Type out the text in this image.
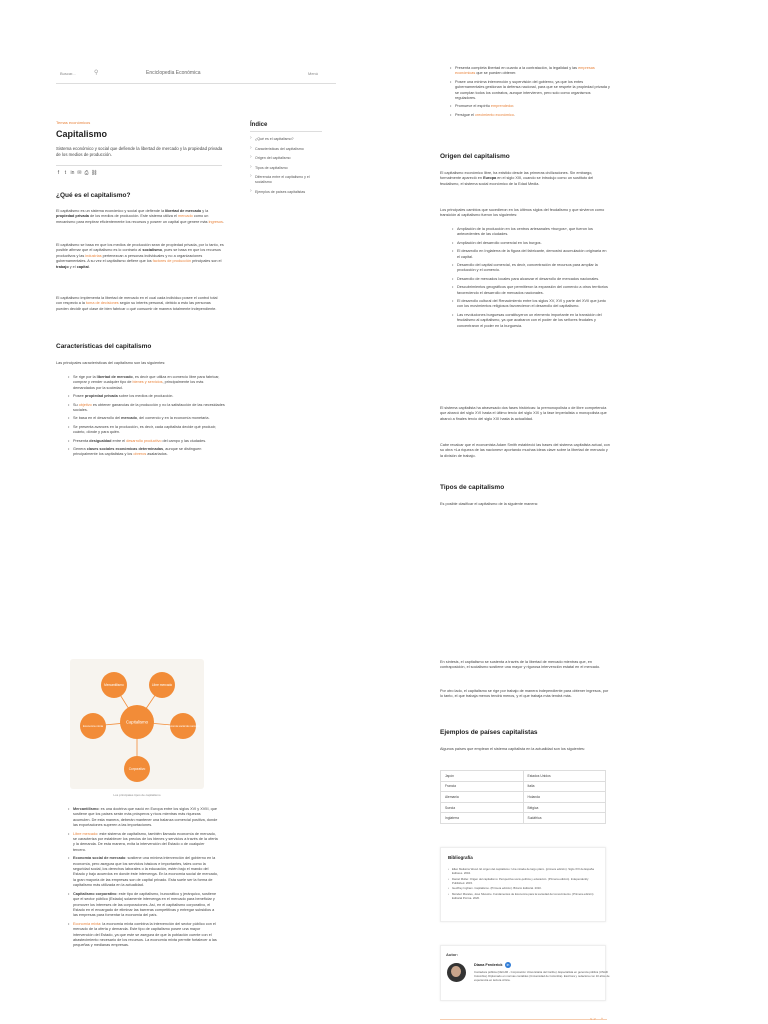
Buscar...	⚲	Enciclopedia Económica	Menú
Temas económicos
Capitalismo
Sistema económico y social que defiende la libertad de mercado y la propiedad privada de los medios de producción.
f	t in ✉ ⎙ ⛓
Índice
› ¿Qué es el capitalismo?
› Características del capitalismo
› Origen del capitalismo
› Tipos de capitalismo
› Diferencia entre el capitalismo y el socialismo
› Ejemplos de países capitalistas
¿Qué es el capitalismo?
El capitalismo es un sistema económico y social que defiende la libertad de mercado y la propiedad privada de los medios de producción. Este sistema utiliza el mercado como un mecanismo para emplear eficientemente los recursos y poseer un capital que genere más ingresos.
El capitalismo se basa en que los medios de producción sean de propiedad privada, por lo tanto, es posible afirmar que el capitalismo es lo contrario al socialismo, pues se basa en que los recursos productivos y las industrias pertenezcan a personas individuales y no a organizaciones gubernamentales. A su vez el capitalismo defiere que los factores de producción principales son el trabajo y el capital.
El capitalismo implementa la libertad de mercado en el cual cada individuo posee el control total con respecto a la toma de decisiones según su interés personal, debido a esto las personas pueden decidir qué clase de bien fabricar o qué consumir de manera totalmente independiente.
Características del capitalismo
Las principales características del capitalismo son las siguientes:
• Se rige por la libertad de mercado, es decir que utiliza en comercio libre para fabricar, comprar y vender cualquier tipo de bienes y servicios, principalmente los más demandados por la sociedad.
• Posee propiedad privada sobre los medios de producción.
• Su objetivo es obtener ganancias de la producción y no la satisfacción de las necesidades sociales.
• Se basa en el desarrollo del mercado, del comercio y en la economía monetaria.
• Se presenta avances en la producción, es decir, cada capitalista decide qué producir, cuánto, dónde y para quién.
• Presenta desigualdad entre el desarrollo productivo del campo y las ciudades.
• Genera clases sociales económicas determinadas, aunque se distinguen principalmente los capitalistas y los obreros asalariados.
• Presenta completa libertad en cuanto a la contratación, la legalidad y las empresas económicas que se pueden obtener.
• Posee una mínima intervención y supervisión del gobierno, ya que los entes gubernamentales gestionan la defensa nacional, para que se respete la propiedad privada y se cumplan todos los contratos, aunque intervienen, pero solo como organismos reguladores.
• Promueve el espíritu emprendedor.
• Persigue el crecimiento económico.
Origen del capitalismo
El capitalismo económico libre, ha existido desde las primeras civilizaciones. Sin embargo, formalmente apareció en Europa en el siglo XIII, cuando se introdujo como un sustituto del feudalismo, el sistema social económico de la Edad Media.
Los principales cambios que sucedieron en los últimos siglos del feudalismo y que sirvieron como transición al capitalismo fueron los siguientes:
• Ampliación de la producción en los centros artesanales «burgos», que fueron los antecedentes de las ciudades.
• Ampliación del desarrollo comercial en los burgos.
• El desarrollo en Inglaterra de la figura del fabricante, demostró acumulación originaria en el capital.
• Desarrollo del capital comercial, es decir, concentración de recursos para ampliar la producción y el comercio.
• Desarrollo de mercados locales para alcanzar el desarrollo de mercados nacionales.
• Descubrimientos geográficos que permitieron la expansión del comercio a otros territorios favoreciendo el desarrollo de mercados nacionales.
• El desarrollo cultural del Renacimiento entre los siglos XV, XVI y parte del XVII que junto con los movimientos religiosos favorecieron el desarrollo del capitalismo.
• Las revoluciones burguesas constituyeron un elemento importante en la transición del feudalismo al capitalismo, ya que acabaron con el poder de los señores feudales y concentraron el poder en la burguesía.
El sistema capitalista ha atravesado dos fases históricas: la premonopolista o de libre competencia que abarcó del siglo XVI hasta el último tercio del siglo XIX y la fase imperialista o monopolista que abarcó a finales tercio del siglo XIX hasta la actualidad.
Cabe recalcar que el economista Adam Smith estableció las bases del sistema capitalista actual, con su obra «La riqueza de las naciones» aportando muchas ideas clave sobre la libertad de mercado y la división de trabajo.
Tipos de capitalismo
Es posible clasificar el capitalismo de la siguiente manera:
Capitalismo
Mercantilismo	Libre mercado
Economía social de mercado
Economía mixta
Corporativo
Los principales tipos de capitalismo
• Mercantilismo: es una doctrina que nació en Europa entre los siglos XVI y XVIII, que sostiene que los países serán más prósperos y ricos mientras más riquezas acumulen. De esta manera, deberán mantener una balanza comercial positiva, donde las exportaciones superen a las importaciones.
• Libre mercado: este sistema de capitalismo, también llamado economía de mercado, se caracteriza por establecer los precios de los bienes y servicios a través de la oferta y la demanda. De esta manera, evita la intervención del Estado o de cualquier tercero.
• Economía social de mercado: sostiene una mínima intervención del gobierno en la economía, pero asegura que los servicios básicos e importantes, tales como la seguridad social, los derechos laborales o la educación, estén bajo el mando del Estado y bajo acuerdos en donde éste intervenga. En la economía social de mercado, la gran mayoría de las empresas son de capital privado. Esta suele ser la forma de capitalismo más utilizada en la actualidad.
• Capitalismo corporativo: este tipo de capitalismo, burocrático y jerárquico, sostiene que el sector público (Estado) solamente intervenga en el mercado para beneficiar y promover los intereses de las corporaciones. Así, en el capitalismo corporativo, el Estado en el encargado de eliminar las barreras competitivas y entregar subsidios a las empresas para fomentar la economía del país.
• Economía mixta: la economía mixta combina la intervención del sector público con el mercado de la oferta y demanda. Este tipo de capitalismo posee una mayor intervención del Estado, ya que este se asegura de que la población cuente con el abastecimiento necesario de los recursos. La economía mixta permite fortalecer a las pequeñas y medianas empresas.
En síntesis, el capitalismo se sustenta a través de la libertad de mercado mientras que, en contraposición, el socialismo sostiene una mayor y rigurosa intervención estatal en el mercado.
Por otro lado, el capitalismo se rige por trabajo de manera independiente para obtener ingresos, por lo tanto, el que trabaja menos tendrá menos, y el que trabaja más tendrá más.
Ejemplos de países capitalistas
Algunos países que emplean el sistema capitalista en la actualidad son los siguientes:
Japón	Estados Unidos
Francia	Italia
Alemania	Holanda
Suecia	Bélgica
Inglaterra	Sudáfrica
Bibliografía
• Ellen Meiksins Wood. El origen del capitalismo: Una mirada de largo plazo. (primera edición). Siglo XXI de España Editores. 2004.
• Daniel Muller. Origen del capitalismo: Perspectiva socio-política y educación. (Primera edición). Independently Published. 2015.
• Geoffrey Ingham. Capitalismo. (Primera edición). Bizarro Editorial. 2010.
• Méndez Morales, José Silvestre. Fundamentos de Economía para la sociedad del conocimiento. (Primera edición) Editorial Porrúa. 2020.
Autor:
Diana Frederick	in
Contadora pública (CECAR - Corporación Universitaria del Caribe). Especialista en gerencia pública (UNAD Colombia). Diplomado en normas contables (Universidad de Colombia). Escritora y redactora con 10 años de experiencia en lectura crítica.
< > ^
